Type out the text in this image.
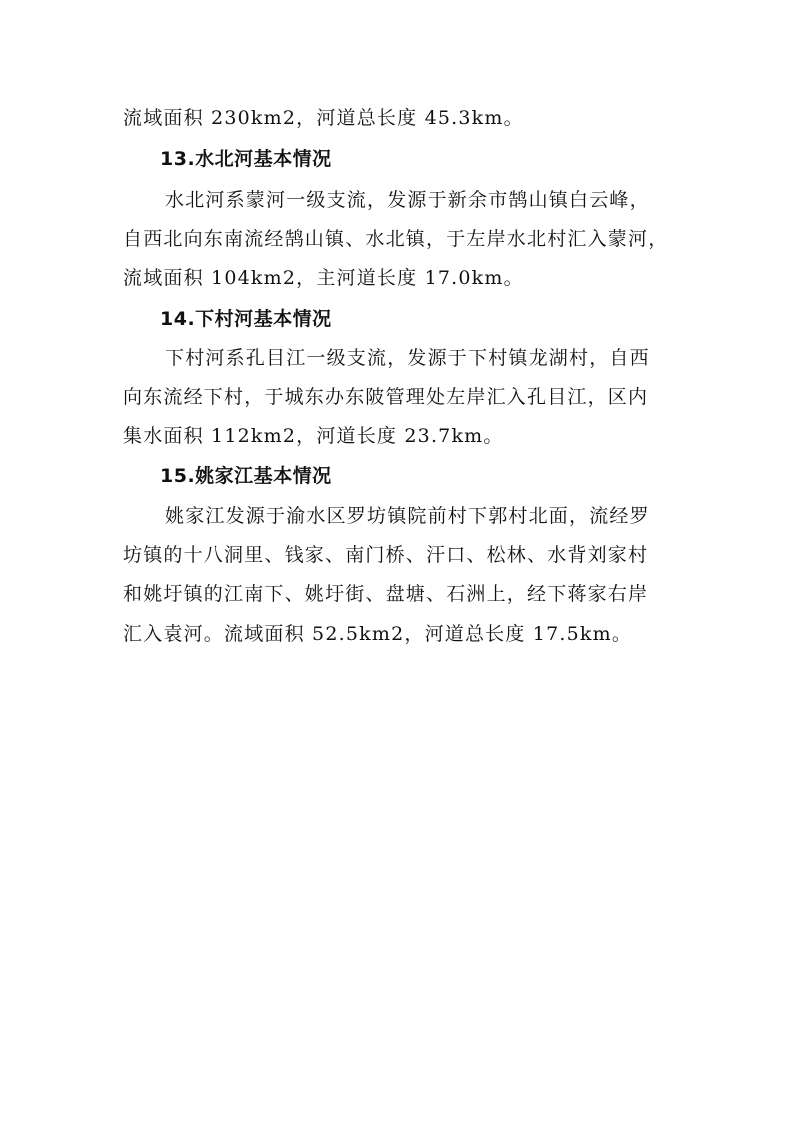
流域面积 230km2，河道总长度 45.3km。
13.水北河基本情况
水北河系蒙河一级支流，发源于新余市鹄山镇白云峰，
自西北向东南流经鹄山镇、水北镇，于左岸水北村汇入蒙河，
流域面积 104km2，主河道长度 17.0km。
14.下村河基本情况
下村河系孔目江一级支流，发源于下村镇龙湖村，自西
向东流经下村，于城东办东陂管理处左岸汇入孔目江，区内
集水面积 112km2，河道长度 23.7km。
15.姚家江基本情况
姚家江发源于渝水区罗坊镇院前村下郭村北面，流经罗
坊镇的十八洞里、钱家、南门桥、汗口、松林、水背刘家村
和姚圩镇的江南下、姚圩街、盘塘、石洲上，经下蒋家右岸
汇入袁河。流域面积 52.5km2，河道总长度 17.5km。
